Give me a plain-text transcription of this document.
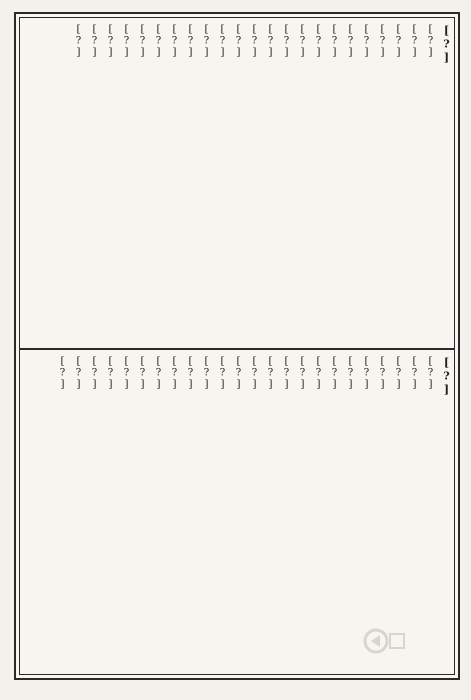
[?]
[?]
[?]
[?]
[?]
[?]
[?]
[?]
[?]
[?]
[?]
[?]
[?]
[?]
[?]
[?]
[?]
[?]
[?]
[?]
[?]
[?]
[?]
[?]
[?]
[?]
[?]
[?]
[?]
[?]
[?]
[?]
[?]
[?]
[?]
[?]
[?]
[?]
[?]
[?]
[?]
[?]
[?]
[?]
[?]
[?]
[?]
[?]
[?]
